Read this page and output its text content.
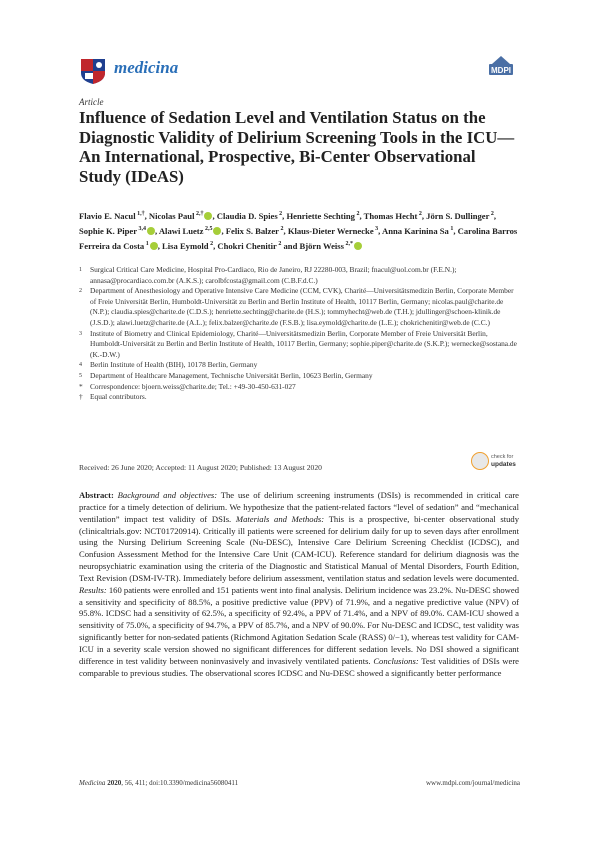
medicina	MDPI
Article
Influence of Sedation Level and Ventilation Status on the Diagnostic Validity of Delirium Screening Tools in the ICU—An International, Prospective, Bi-Center Observational Study (IDeAS)
Flavio E. Nacul $^{1,\dagger}$, Nicolas Paul $^{2,\dagger}$ , Claudia D. Spies $^2$, Henriette Sechting $^2$, Thomas Hecht $^2$, Jörn S. Dullinger $^2$, Sophie K. Piper $^{3,4}$ , Alawi Luetz $^{2,5}$ , Felix S. Balzer $^2$, Klaus-Dieter Wernecke $^3$, Anna Karinina Sa $^1$, Carolina Barros Ferreira da Costa $^1$ , Lisa Eymold $^2$, Chokri Chenitir $^2$ and Björn Weiss $^{2,*}$
1 Surgical Critical Care Medicine, Hospital Pro-Cardiaco, Rio de Janeiro, RJ 22280-003, Brazil; fnacul@uol.com.br (F.E.N.); annasa@procardiaco.com.br (A.K.S.); carolbfcosta@gmail.com (C.B.F.d.C.)
2 Department of Anesthesiology and Operative Intensive Care Medicine (CCM, CVK), Charité—Universitätsmedizin Berlin, Corporate Member of Freie Universität Berlin, Humboldt-Universität zu Berlin and Berlin Institute of Health, 10117 Berlin, Germany; nicolas.paul@charite.de (N.P.); claudia.spies@charite.de (C.D.S.); henriette.sechting@charite.de (H.S.); tommyhecht@web.de (T.H.); jdullinger@schoen-klinik.de (J.S.D.); alawi.luetz@charite.de (A.L.); felix.balzer@charite.de (F.S.B.); lisa.eymold@charite.de (L.E.); chokrichenitir@web.de (C.C.)
3 Institute of Biometry and Clinical Epidemiology, Charité—Universitätsmedizin Berlin, Corporate Member of Freie Universität Berlin, Humboldt-Universität zu Berlin and Berlin Institute of Health, 10117 Berlin, Germany; sophie.piper@charite.de (S.K.P.); wernecke@sostana.de (K.-D.W.)
4 Berlin Institute of Health (BIH), 10178 Berlin, Germany
5 Department of Healthcare Management, Technische Universität Berlin, 10623 Berlin, Germany
* Correspondence: bjoern.weiss@charite.de; Tel.: +49-30-450-631-027
† Equal contributors.
Received: 26 June 2020; Accepted: 11 August 2020; Published: 13 August 2020
check for
updates
Abstract: Background and objectives: The use of delirium screening instruments (DSIs) is recommended in critical care practice for a timely detection of delirium. We hypothesize that the patient-related factors “level of sedation” and “mechanical ventilation” impact test validity of DSIs. Materials and Methods: This is a prospective, bi-center observational study (clinicaltrials.gov: NCT01720914). Critically ill patients were screened for delirium daily for up to seven days after enrollment using the Nursing Delirium Screening Scale (Nu-DESC), Intensive Care Delirium Screening Checklist (ICDSC), and Confusion Assessment Method for the Intensive Care Unit (CAM-ICU). Reference standard for delirium diagnosis was the neuropsychiatric examination using the criteria of the Diagnostic and Statistical Manual of Mental Disorders, Fourth Edition, Text Revision (DSM-IV-TR). Immediately before delirium assessment, ventilation status and sedation levels were documented. Results: 160 patients were enrolled and 151 patients went into final analysis. Delirium incidence was 23.2%. Nu-DESC showed a sensitivity and specificity of 88.5%, a positive predictive value (PPV) of 71.9%, and a negative predictive value (NPV) of 95.8%. ICDSC had a sensitivity of 62.5%, a specificity of 92.4%, a PPV of 71.4%, and a NPV of 89.0%. CAM-ICU showed a sensitivity of 75.0%, a specificity of 94.7%, a PPV of 85.7%, and a NPV of 90.0%. For Nu-DESC and ICDSC, test validity was significantly better for non-sedated patients (Richmond Agitation Sedation Scale (RASS) 0/−1), whereas test validity for CAM-ICU in a severity scale version showed no significant differences for different sedation levels. No DSI showed a significant difference in test validity between noninvasively and invasively ventilated patients. Conclusions: Test validities of DSIs were comparable to previous studies. The observational scores ICDSC and Nu-DESC showed a significantly better performance
Medicina 2020, 56, 411; doi:10.3390/medicina56080411	www.mdpi.com/journal/medicina
